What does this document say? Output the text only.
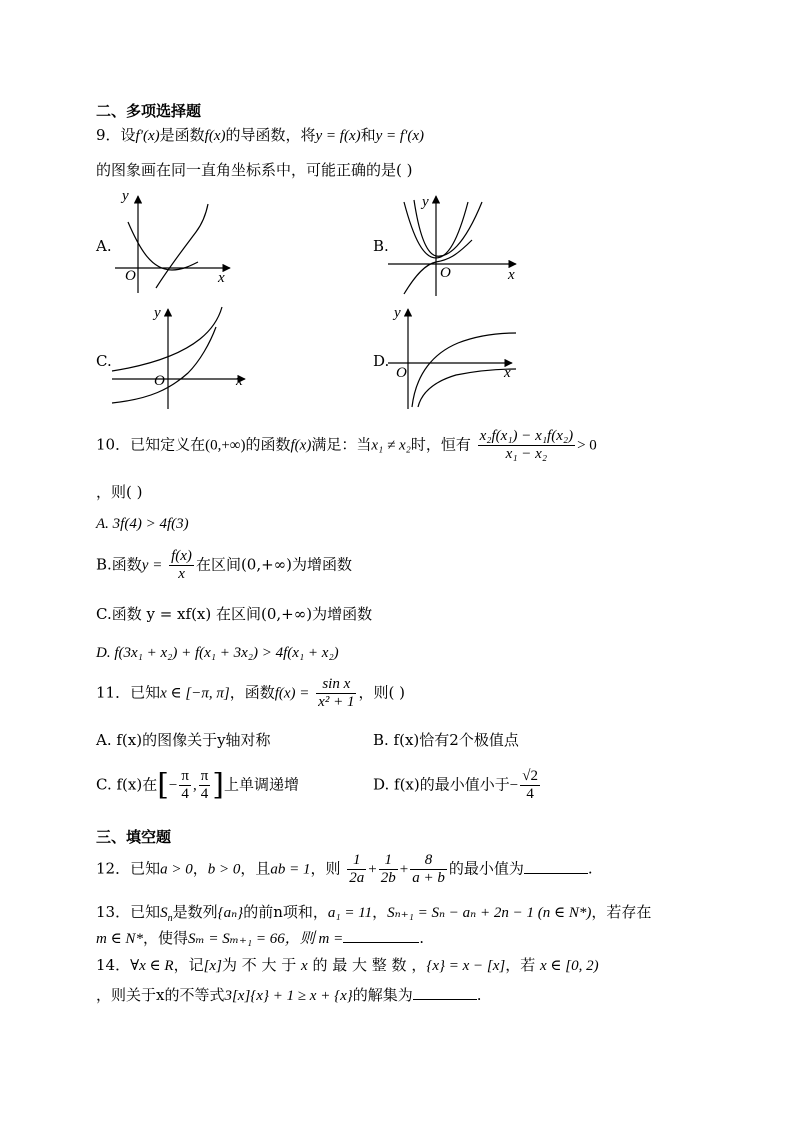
二、多项选择题
9．设f′(x)是函数f(x)的导函数，将y = f(x)和y = f′(x)
的图象画在同一直角坐标系中，可能正确的是( )
A.
y
x
O
B.
y
x
O
C.
y
x
O
D.
y
x
O
10．已知定义在(0,+∞)的函数f(x)满足：当x₁ ≠ x₂时，恒有 $\frac{\text{x₂f(x₁) − x₁f(x₂)}}{\text{x₁ − x₂}} > 0$
，则( )
A. 3f(4) > 4f(3)
B.函数$y = \frac{f(x)}{x}$ 在区间(0,+∞)为增函数
C.函数 y = xf(x) 在区间(0,+∞)为增函数
D. f(3x₁ + x₂) + f(x₁ + 3x₂) > 4f(x₁ + x₂)
11．已知x ∈ [−π, π]，函数$f(x) = \frac{\text{sin x}}{\text{x² + 1}}$ ，则( )
A. f(x)的图像关于y轴对称	B. f(x)恰有2个极值点
C. f(x)在[− $\frac{\pi}{4}$ , $\frac{\pi}{4}$ ]上单调递增	D. f(x)的最小值小于− $\frac{√2}{4}$
三、填空题
12．已知a > 0，b > 0，且ab = 1，则 $\frac{1}{2a} + \frac{1}{2b} + \frac{8}{a + b}$ 的最小值为	.
13．已知$S_n$是数列{aₙ}的前n项和，a₁ = 11，Sₙ₊₁ = Sₙ − aₙ + 2n − 1 (n ∈ N*)，若存在
m ∈ N*，使得Sₘ = Sₘ₊₁ = 66，则 m =	.
14．∀x ∈ R，记[x]为 不 大 于 x 的 最 大 整 数 ，{x} = x − [x]，若 x ∈ [0, 2)
，则关于x的不等式3[x]{x} + 1 ≥ x + {x}的解集为	.
